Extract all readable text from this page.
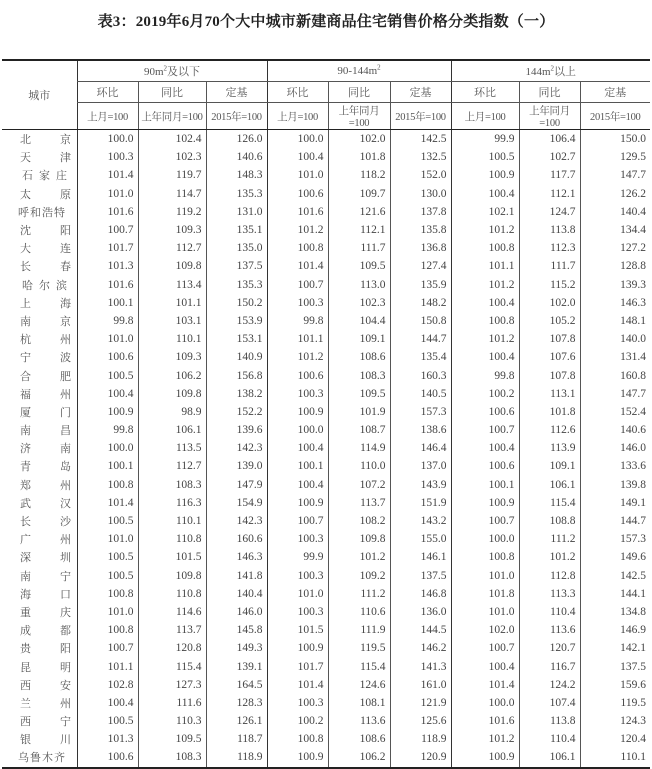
表3：2019年6月70个大中城市新建商品住宅销售价格分类指数（一）
城市	$90m^2$及以下			$90-144m^2$			$144m^2$以上		
	环比	同比	定基	环比	同比	定基	环比	同比	定基
	上月=100	上年同月=100	2015年=100	上月=100	上年同月=100	2015年=100	上月=100	上年同月=100	2015年=100

北 京	100.0	102.4	126.0	100.0	102.0	142.5	99.9	106.4	150.0

天 津	100.3	102.3	140.6	100.4	101.8	132.5	100.5	102.7	129.5
石家庄	101.4	119.7	148.3	101.0	118.2	152.0	100.9	117.7	147.7

太 原	101.0	114.7	135.3	100.6	109.7	130.0	100.4	112.1	126.2
呼和浩特	101.6	119.2	131.0	101.6	121.6	137.8	102.1	124.7	140.4

沈 阳	100.7	109.3	135.1	101.2	112.1	135.8	101.2	113.8	134.4

大 连	101.7	112.7	135.0	100.8	111.7	136.8	100.8	112.3	127.2

长 春	101.3	109.8	137.5	101.4	109.5	127.4	101.1	111.7	128.8
哈尔滨	101.6	113.4	135.3	100.7	113.0	135.9	101.2	115.2	139.3

上 海	100.1	101.1	150.2	100.3	102.3	148.2	100.4	102.0	146.3

南 京	99.8	103.1	153.9	99.8	104.4	150.8	100.8	105.2	148.1

杭 州	101.0	110.1	153.1	101.1	109.1	144.7	101.2	107.8	140.0

宁 波	100.6	109.3	140.9	101.2	108.6	135.4	100.4	107.6	131.4

合 肥	100.5	106.2	156.8	100.6	108.3	160.3	99.8	107.8	160.8

福 州	100.4	109.8	138.2	100.3	109.5	140.5	100.2	113.1	147.7

厦 门	100.9	98.9	152.2	100.9	101.9	157.3	100.6	101.8	152.4

南 昌	99.8	106.1	139.6	100.0	108.7	138.6	100.7	112.6	140.6

济 南	100.0	113.5	142.3	100.4	114.9	146.4	100.4	113.9	146.0

青 岛	100.1	112.7	139.0	100.1	110.0	137.0	100.6	109.1	133.6

郑 州	100.8	108.3	147.9	100.4	107.2	143.9	100.1	106.1	139.8

武 汉	101.4	116.3	154.9	100.9	113.7	151.9	100.9	115.4	149.1

长 沙	100.5	110.1	142.3	100.7	108.2	143.2	100.7	108.8	144.7

广 州	101.0	110.8	160.6	100.3	109.8	155.0	100.0	111.2	157.3

深 圳	100.5	101.5	146.3	99.9	101.2	146.1	100.8	101.2	149.6

南 宁	100.5	109.8	141.8	100.3	109.2	137.5	101.0	112.8	142.5

海 口	100.8	110.8	140.4	101.0	111.2	146.8	101.8	113.3	144.1

重 庆	101.0	114.6	146.0	100.3	110.6	136.0	101.0	110.4	134.8

成 都	100.8	113.7	145.8	101.5	111.9	144.5	102.0	113.6	146.9

贵 阳	100.7	120.8	149.3	100.9	119.5	146.2	100.7	120.7	142.1

昆 明	101.1	115.4	139.1	101.7	115.4	141.3	100.4	116.7	137.5

西 安	102.8	127.3	164.5	101.4	124.6	161.0	101.4	124.2	159.6

兰 州	100.4	111.6	128.3	100.3	108.1	121.9	100.0	107.4	119.5

西 宁	100.5	110.3	126.1	100.2	113.6	125.6	101.6	113.8	124.3

银 川	101.3	109.5	118.7	100.8	108.6	118.9	101.2	110.4	120.4
乌鲁木齐	100.6	108.3	118.9	100.9	106.2	120.9	100.9	106.1	110.1
